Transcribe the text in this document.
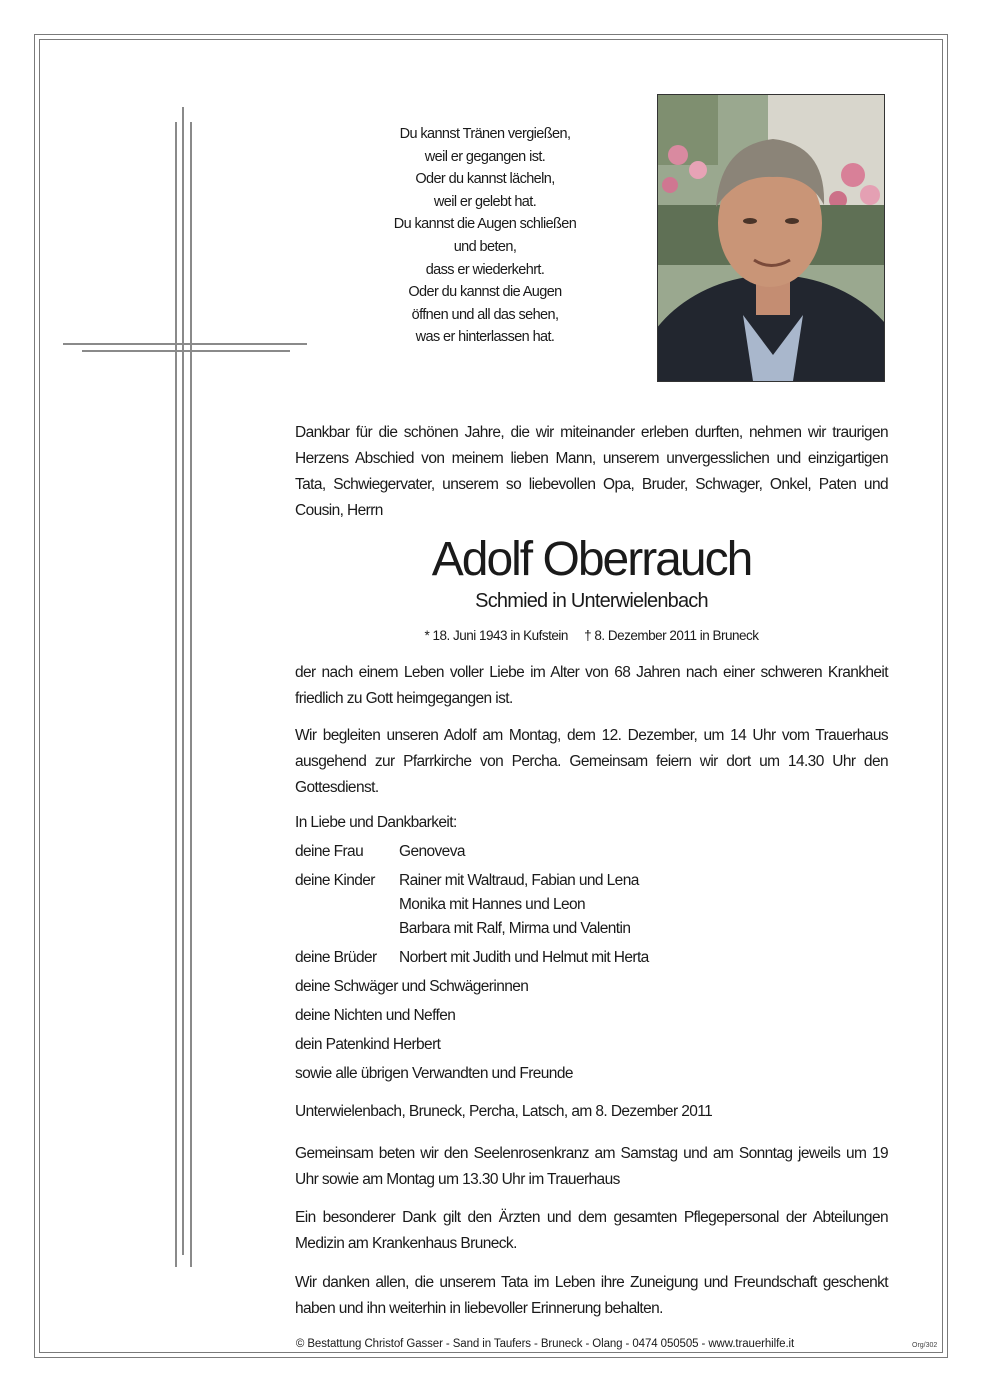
Du kannst Tränen vergießen,
weil er gegangen ist.
Oder du kannst lächeln,
weil er gelebt hat.
Du kannst die Augen schließen
und beten,
dass er wiederkehrt.
Oder du kannst die Augen
öffnen und all das sehen,
was er hinterlassen hat.
Dankbar für die schönen Jahre, die wir miteinander erleben durften, nehmen wir traurigen Herzens Abschied von meinem lieben Mann, unserem unvergesslichen und einzigartigen Tata, Schwiegervater, unserem so liebevollen Opa, Bruder, Schwager, Onkel, Paten und Cousin, Herrn
Adolf Oberrauch
Schmied in Unterwielenbach
* 18. Juni 1943 in Kufstein † 8. Dezember 2011 in Bruneck
der nach einem Leben voller Liebe im Alter von 68 Jahren nach einer schweren Krankheit friedlich zu Gott heimgegangen ist.
Wir begleiten unseren Adolf am Montag, dem 12. Dezember, um 14 Uhr vom Trauerhaus ausgehend zur Pfarrkirche von Percha. Gemeinsam feiern wir dort um 14.30 Uhr den Gottesdienst.
In Liebe und Dankbarkeit:
deine Frau Genoveva
deine Kinder Rainer mit Waltraud, Fabian und Lena
Monika mit Hannes und Leon
Barbara mit Ralf, Mirma und Valentin
deine Brüder Norbert mit Judith und Helmut mit Herta
deine Schwäger und Schwägerinnen
deine Nichten und Neffen
dein Patenkind Herbert
sowie alle übrigen Verwandten und Freunde
Unterwielenbach, Bruneck, Percha, Latsch, am 8. Dezember 2011
Gemeinsam beten wir den Seelenrosenkranz am Samstag und am Sonntag jeweils um 19 Uhr sowie am Montag um 13.30 Uhr im Trauerhaus
Ein besonderer Dank gilt den Ärzten und dem gesamten Pflegepersonal der Abteilungen Medizin am Krankenhaus Bruneck.
Wir danken allen, die unserem Tata im Leben ihre Zuneigung und Freundschaft geschenkt haben und ihn weiterhin in liebevoller Erinnerung behalten.
© Bestattung Christof Gasser - Sand in Taufers - Bruneck - Olang - 0474 050505 - www.trauerhilfe.it	Org/302
